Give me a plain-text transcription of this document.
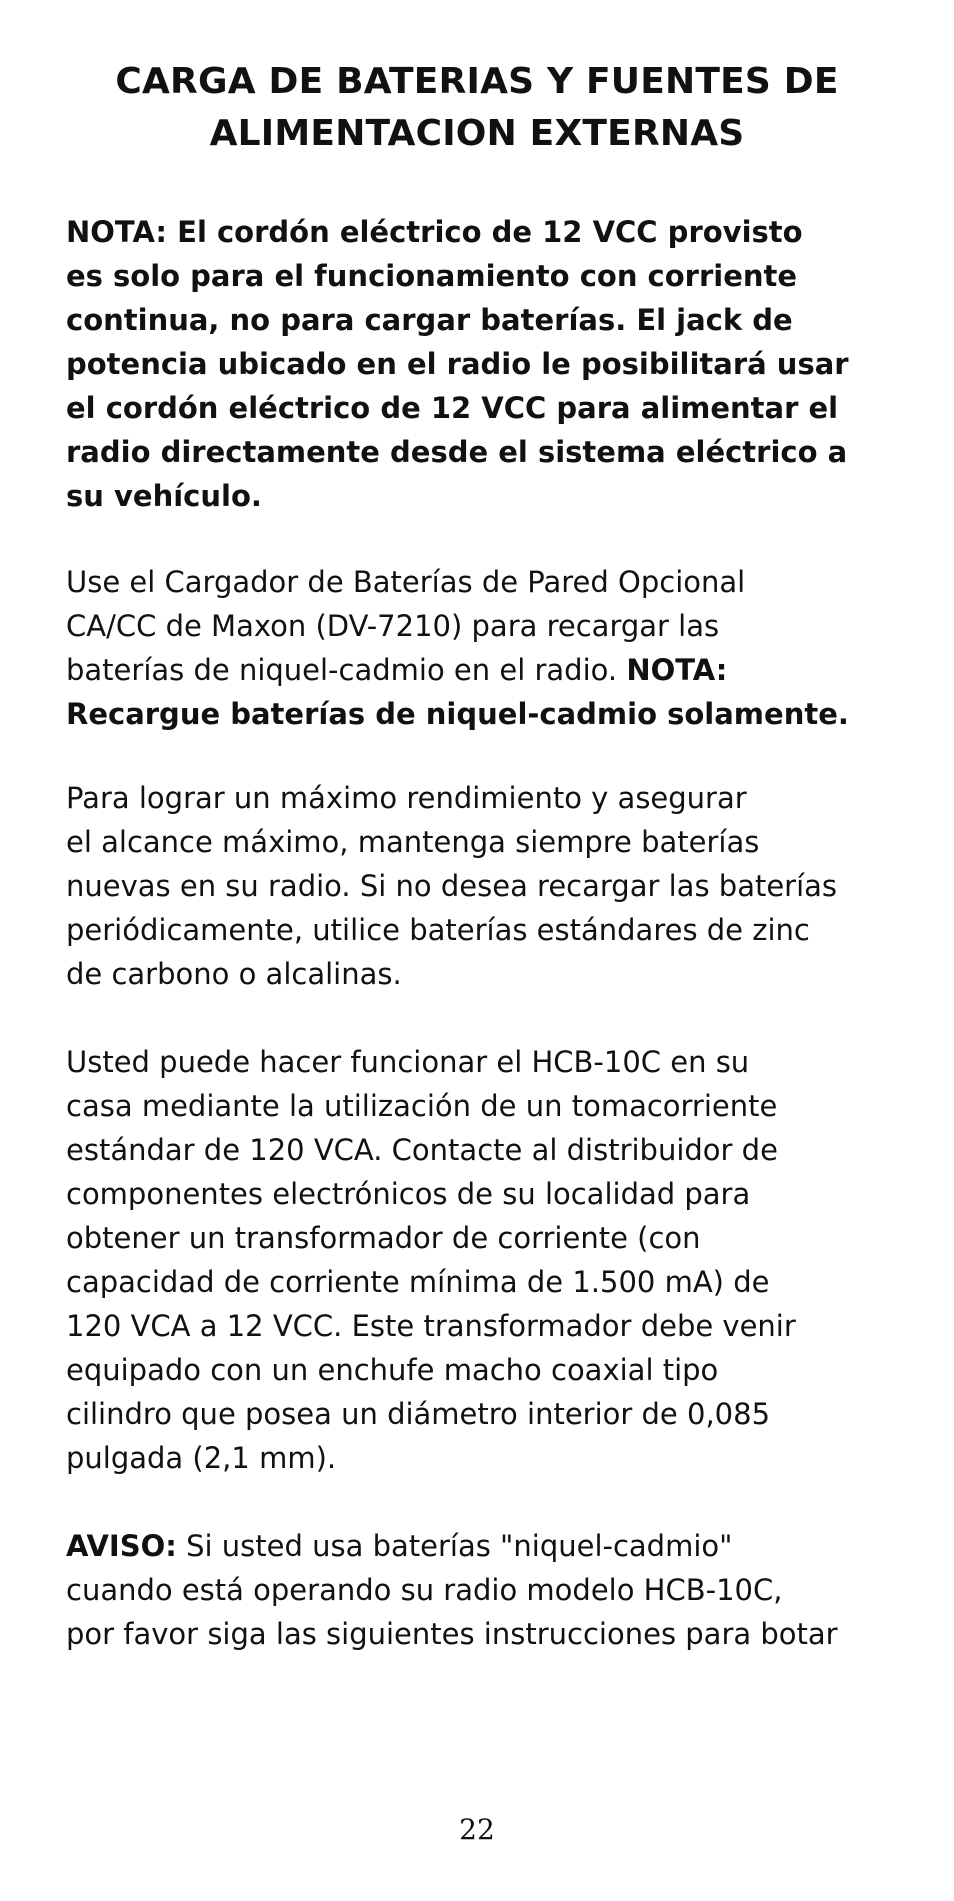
CARGA DE BATERIAS Y FUENTES DE
ALIMENTACION EXTERNAS
NOTA: El cordón eléctrico de 12 VCC provisto
es solo para el funcionamiento con corriente
continua, no para cargar baterías. El jack de
potencia ubicado en el radio le posibilitará usar
el cordón eléctrico de 12 VCC para alimentar el
radio directamente desde el sistema eléctrico a
su vehículo.
Use el Cargador de Baterías de Pared Opcional
CA/CC de Maxon (DV-7210) para recargar las
baterías de niquel-cadmio en el radio. NOTA:
Recargue baterías de niquel-cadmio solamente.
Para lograr un máximo rendimiento y asegurar
el alcance máximo, mantenga siempre baterías
nuevas en su radio. Si no desea recargar las baterías
periódicamente, utilice baterías estándares de zinc
de carbono o alcalinas.
Usted puede hacer funcionar el HCB-10C en su
casa mediante la utilización de un tomacorriente
estándar de 120 VCA. Contacte al distribuidor de
componentes electrónicos de su localidad para
obtener un transformador de corriente (con
capacidad de corriente mínima de 1.500 mA) de
120 VCA a 12 VCC. Este transformador debe venir
equipado con un enchufe macho coaxial tipo
cilindro que posea un diámetro interior de 0,085
pulgada (2,1 mm).
AVISO: Si usted usa baterías "niquel-cadmio"
cuando está operando su radio modelo HCB-10C,
por favor siga las siguientes instrucciones para botar
22
